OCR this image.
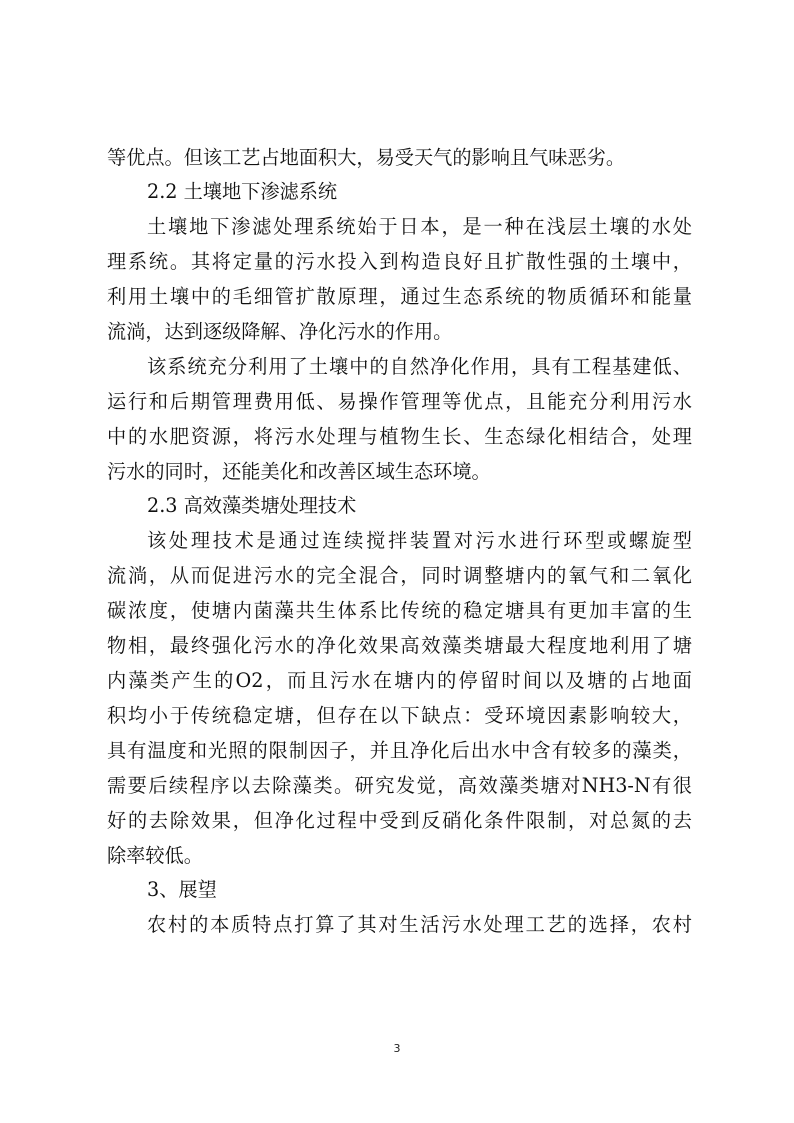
等优点。但该工艺占地面积大，易受天气的影响且气味恶劣。
2.2 土壤地下渗滤系统
土壤地下渗滤处理系统始于日本，是一种在浅层土壤的水处
理系统。其将定量的污水投入到构造良好且扩散性强的土壤中，
利用土壤中的毛细管扩散原理，通过生态系统的物质循环和能量
流淌，达到逐级降解、净化污水的作用。
该系统充分利用了土壤中的自然净化作用，具有工程基建低、
运行和后期管理费用低、易操作管理等优点，且能充分利用污水
中的水肥资源，将污水处理与植物生长、生态绿化相结合，处理
污水的同时，还能美化和改善区域生态环境。
2.3 高效藻类塘处理技术
该处理技术是通过连续搅拌装置对污水进行环型或螺旋型
流淌，从而促进污水的完全混合，同时调整塘内的氧气和二氧化
碳浓度，使塘内菌藻共生体系比传统的稳定塘具有更加丰富的生
物相，最终强化污水的净化效果高效藻类塘最大程度地利用了塘
内藻类产生的O2，而且污水在塘内的停留时间以及塘的占地面
积均小于传统稳定塘，但存在以下缺点：受环境因素影响较大，
具有温度和光照的限制因子，并且净化后出水中含有较多的藻类，
需要后续程序以去除藻类。研究发觉，高效藻类塘对NH3-N有很
好的去除效果，但净化过程中受到反硝化条件限制，对总氮的去
除率较低。
3、展望
农村的本质特点打算了其对生活污水处理工艺的选择，农村
3
